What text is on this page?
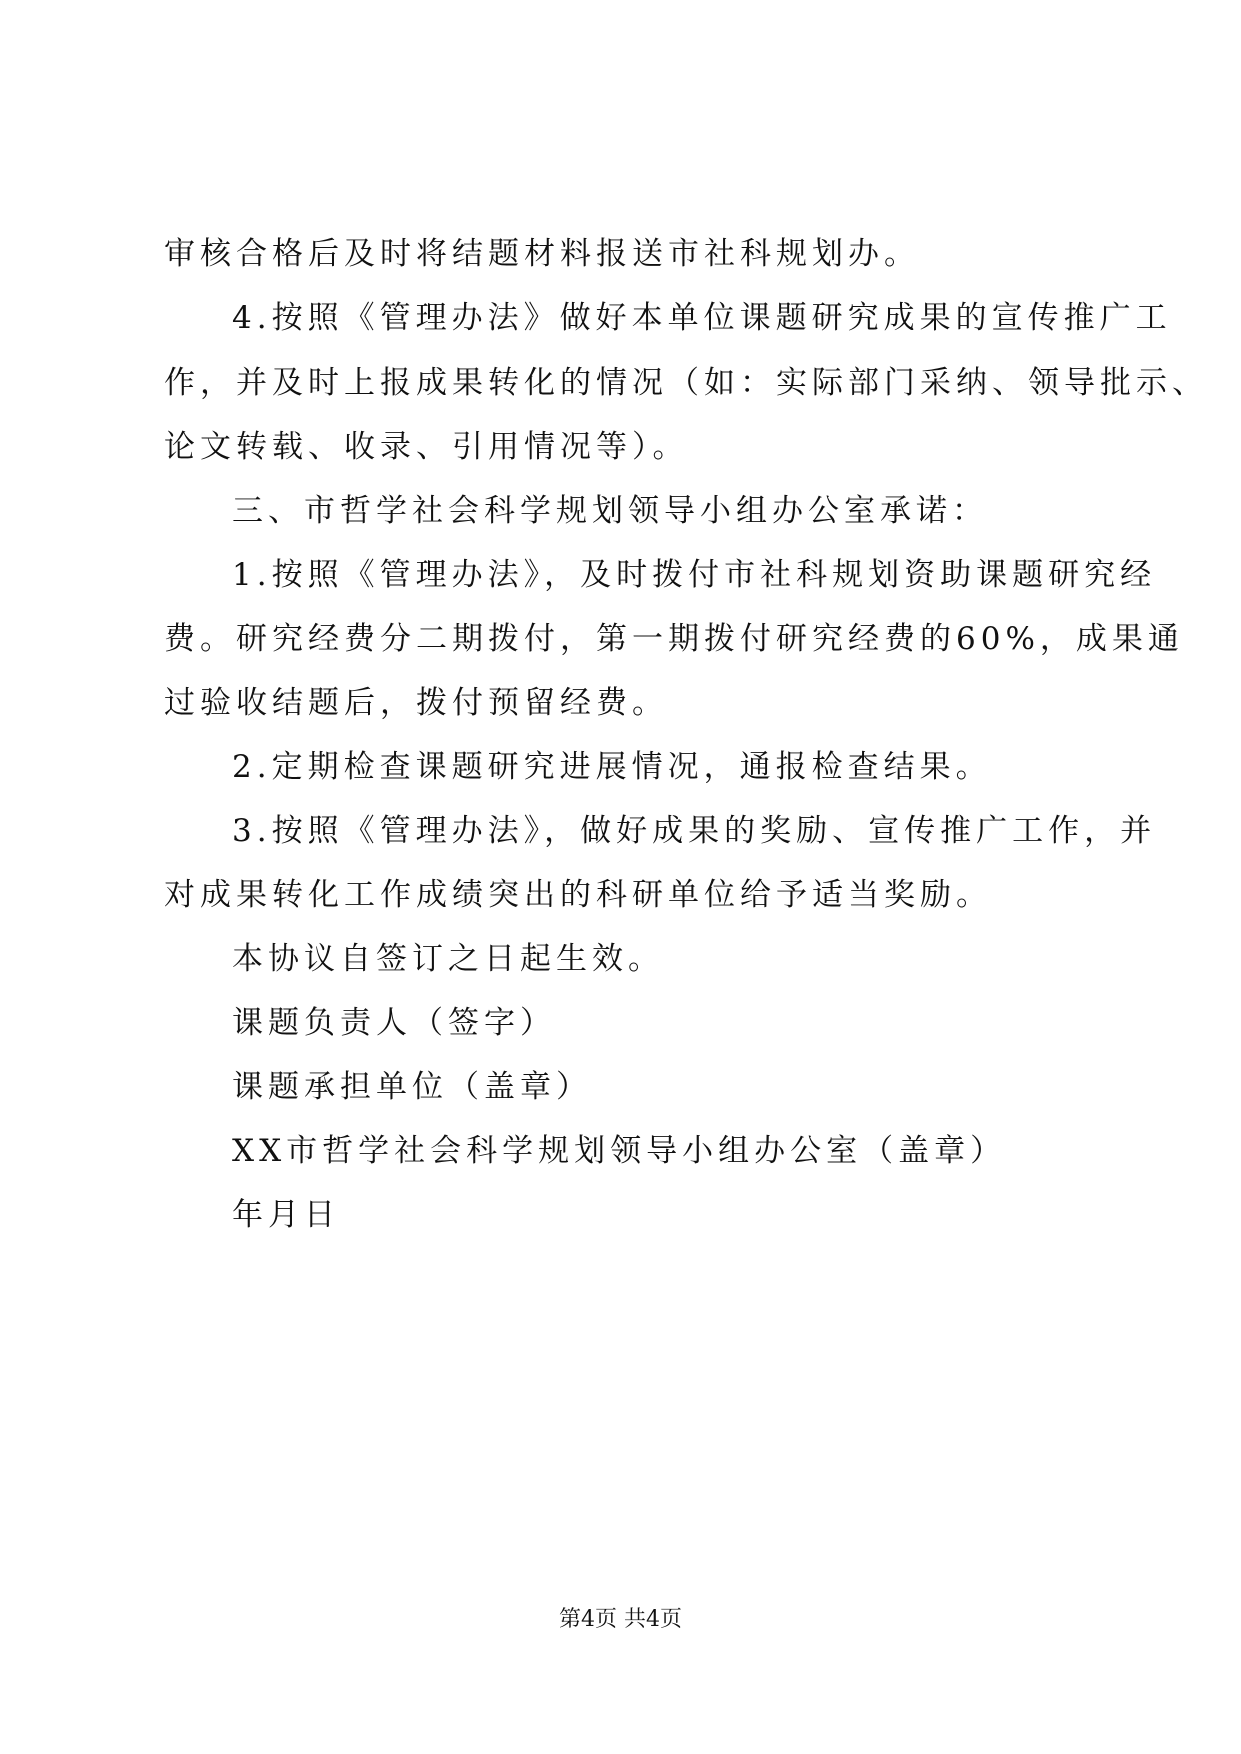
审核合格后及时将结题材料报送市社科规划办。
4.按照《管理办法》做好本单位课题研究成果的宣传推广工
作，并及时上报成果转化的情况（如：实际部门采纳、领导批示、
论文转载、收录、引用情况等）。
三、市哲学社会科学规划领导小组办公室承诺：
1.按照《管理办法》，及时拨付市社科规划资助课题研究经
费。研究经费分二期拨付，第一期拨付研究经费的60%，成果通
过验收结题后，拨付预留经费。
2.定期检查课题研究进展情况，通报检查结果。
3.按照《管理办法》，做好成果的奖励、宣传推广工作，并
对成果转化工作成绩突出的科研单位给予适当奖励。
本协议自签订之日起生效。
课题负责人（签字）
课题承担单位（盖章）
XX市哲学社会科学规划领导小组办公室（盖章）
年月日
第4页 共4页
